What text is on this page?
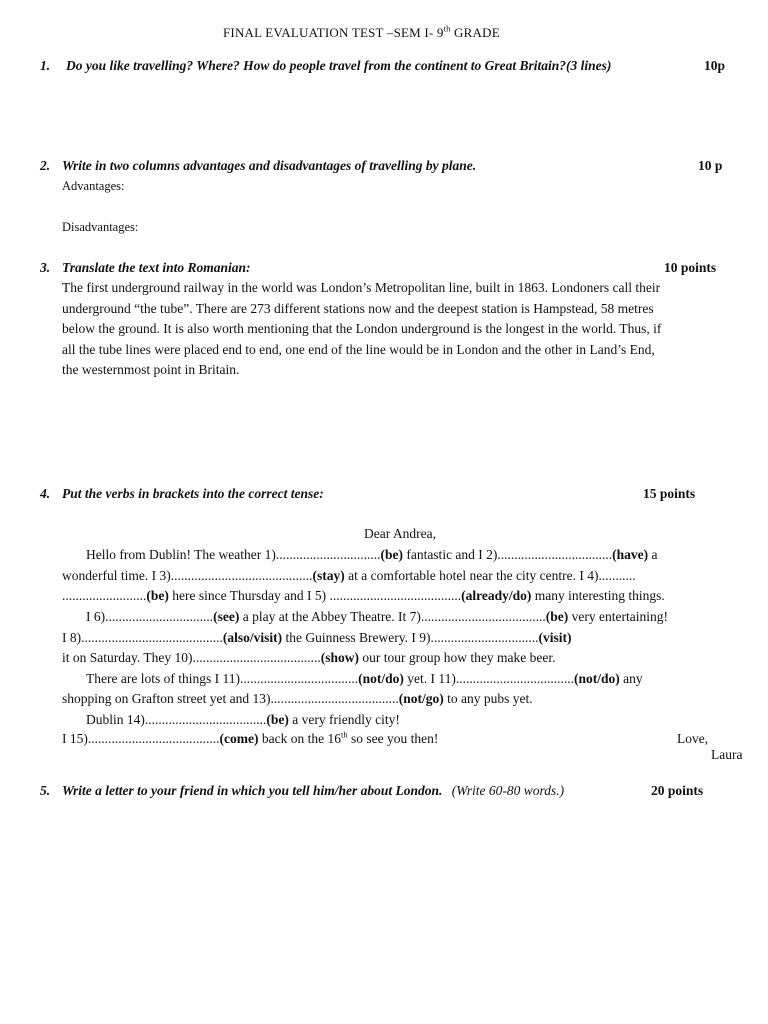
FINAL EVALUATION TEST –SEM I- 9th GRADE
1. Do you like travelling? Where? How do people travel from the continent to Great Britain?(3 lines)	10p
2. Write in two columns advantages and disadvantages of travelling by plane.	10 p
Advantages:
Disadvantages:
3. Translate the text into Romanian:	10 points
The first underground railway in the world was London’s Metropolitan line, built in 1863. Londoners call their
underground “the tube”. There are 273 different stations now and the deepest station is Hampstead, 58 metres
below the ground. It is also worth mentioning that the London underground is the longest in the world. Thus, if
all the tube lines were placed end to end, one end of the line would be in London and the other in Land’s End,
the westernmost point in Britain.
4. Put the verbs in brackets into the correct tense:	15 points
Dear Andrea,
Hello from Dublin! The weather 1)...............................(be) fantastic and I 2)..................................(have) a
wonderful time. I 3)..........................................(stay) at a comfortable hotel near the city centre. I 4)...........
.........................(be) here since Thursday and I 5) .......................................(already/do) many interesting things.
I 6)................................(see) a play at the Abbey Theatre. It 7).....................................(be) very entertaining!
I 8)..........................................(also/visit) the Guinness Brewery. I 9)................................(visit)
it on Saturday. They 10)......................................(show) our tour group how they make beer.
There are lots of things I 11)...................................(not/do) yet. I 11)...................................(not/do) any
shopping on Grafton street yet and 13)......................................(not/go) to any pubs yet.
Dublin 14)....................................(be) a very friendly city!
I 15).......................................(come) back on the 16th so see you then!	Love,
Laura
5. Write a letter to your friend in which you tell him/her about London. (Write 60-80 words.)	20 points
